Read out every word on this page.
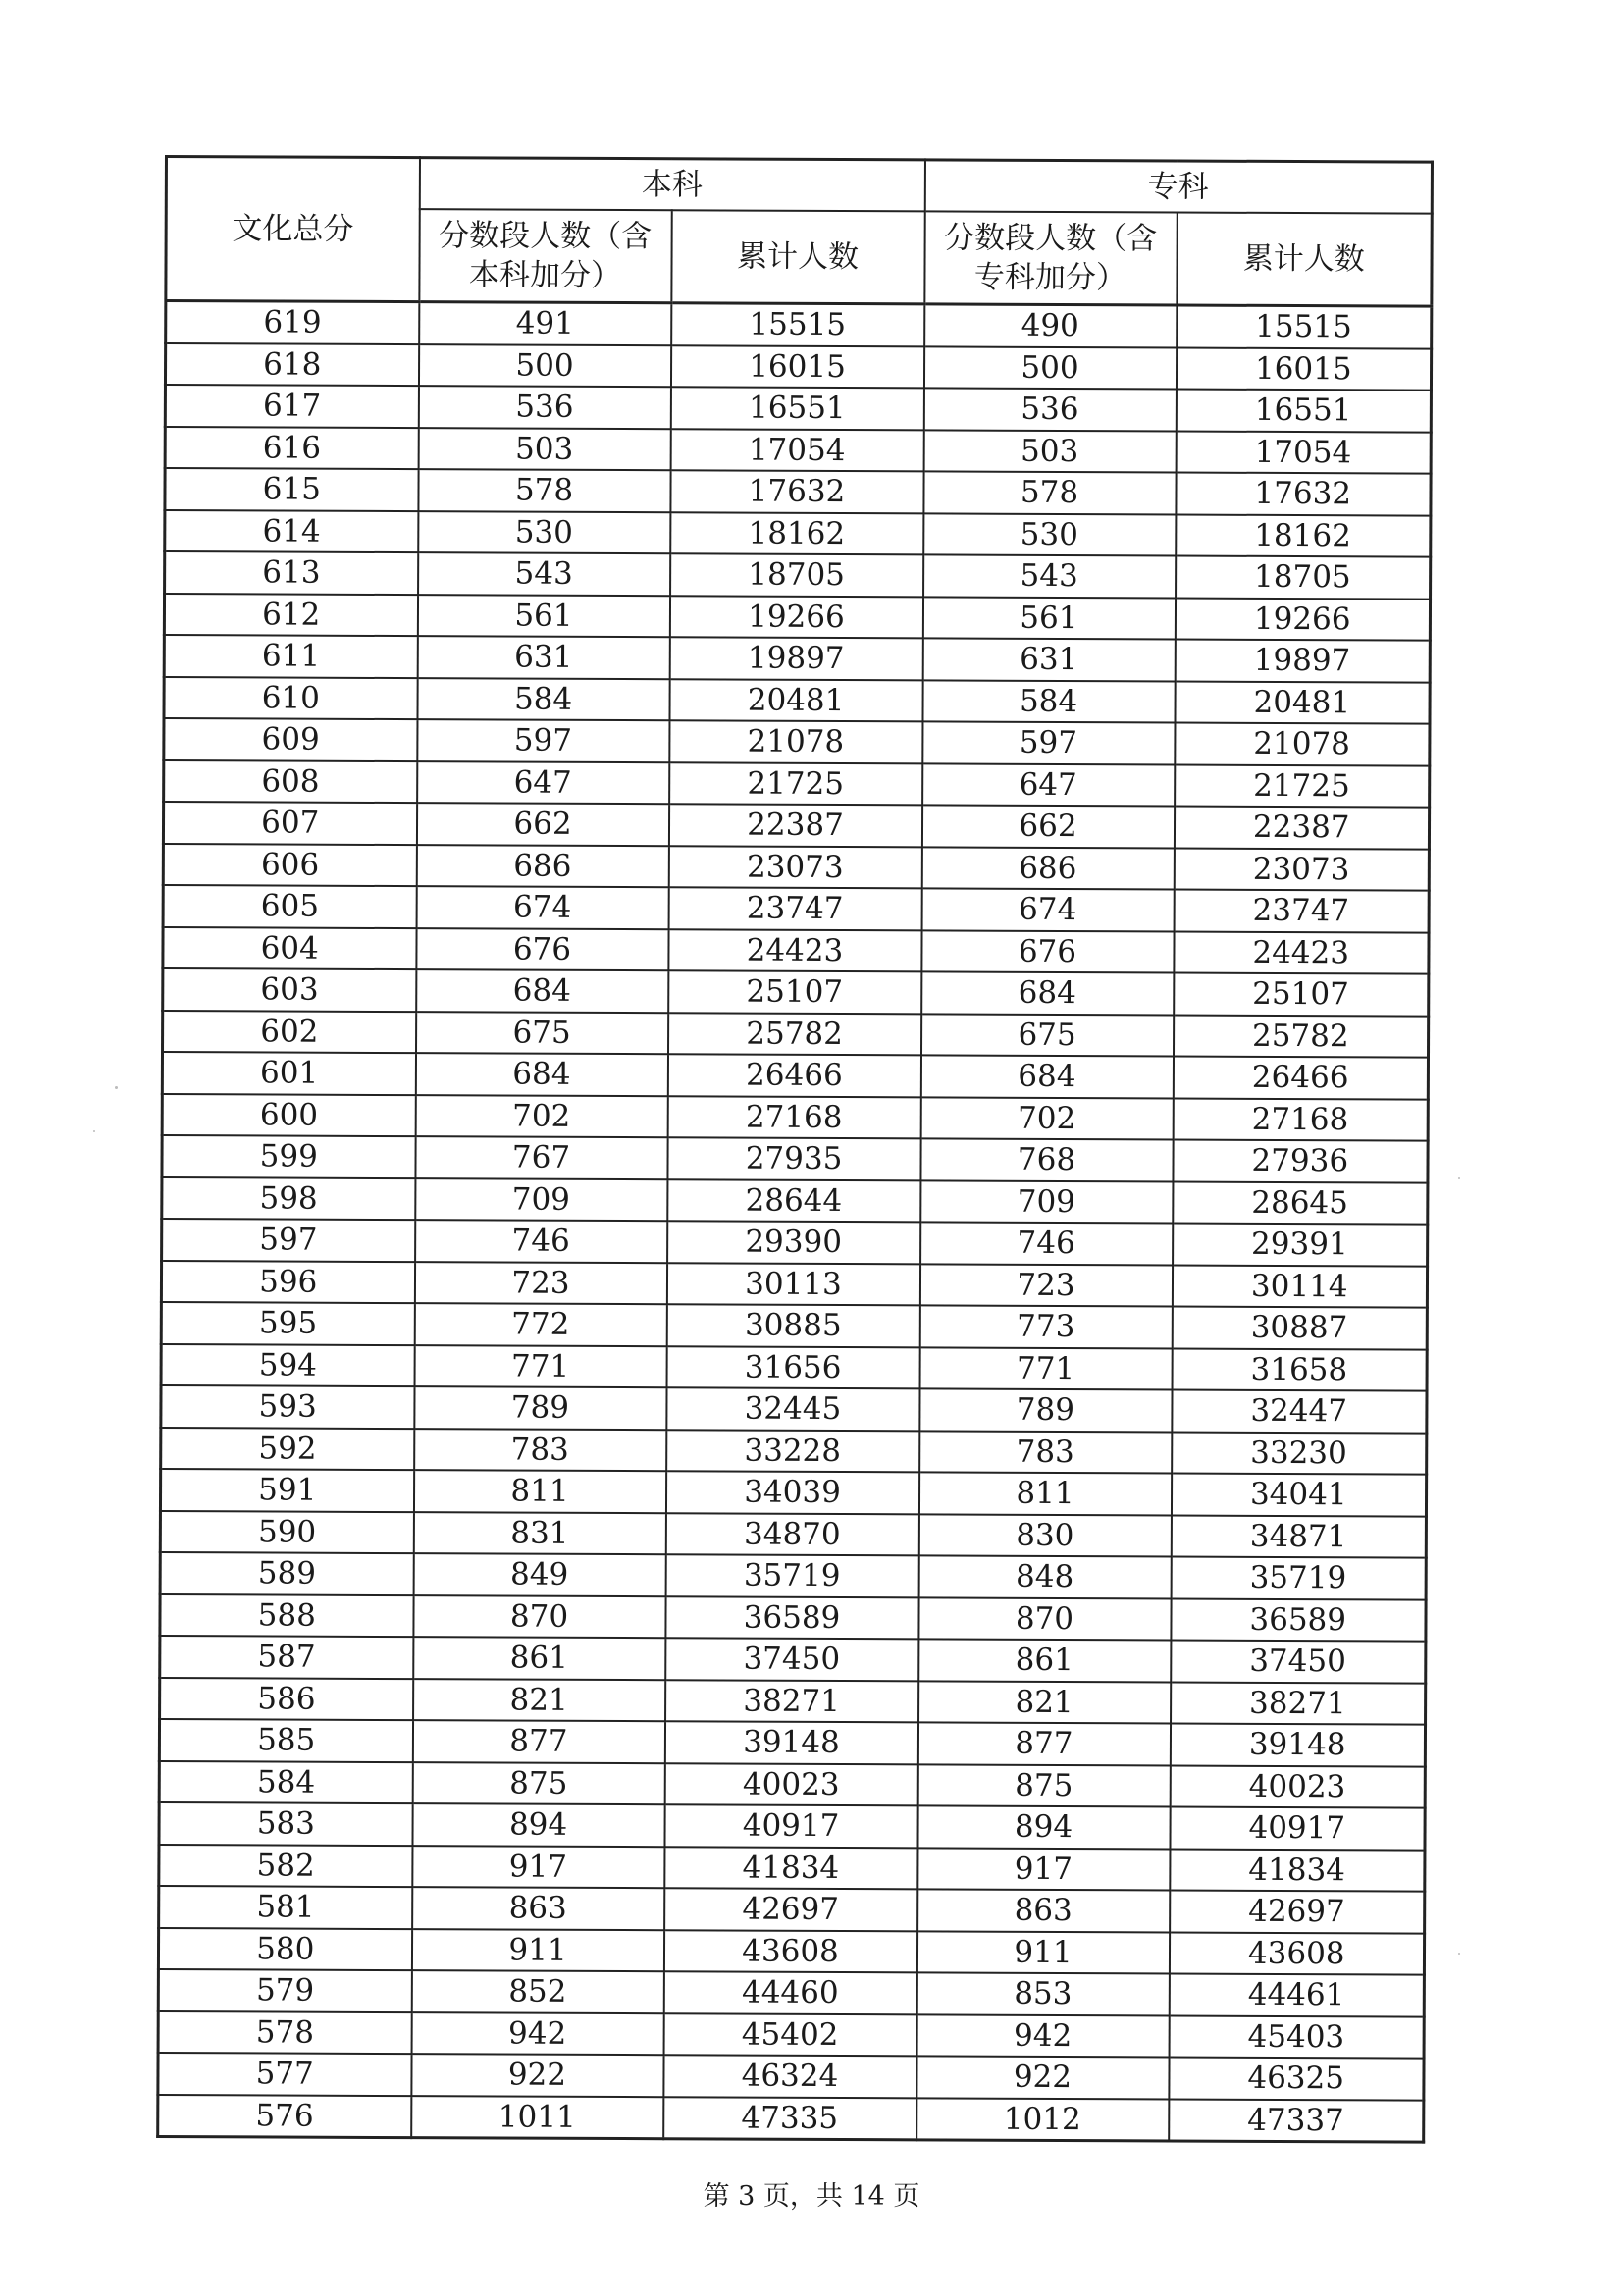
文化总分	本科		专科	
	分数段人数（含本科加分）	累计人数	分数段人数（含专科加分）	累计人数
619	491	15515	490	15515
618	500	16015	500	16015
617	536	16551	536	16551
616	503	17054	503	17054
615	578	17632	578	17632
614	530	18162	530	18162
613	543	18705	543	18705
612	561	19266	561	19266
611	631	19897	631	19897
610	584	20481	584	20481
609	597	21078	597	21078
608	647	21725	647	21725
607	662	22387	662	22387
606	686	23073	686	23073
605	674	23747	674	23747
604	676	24423	676	24423
603	684	25107	684	25107
602	675	25782	675	25782
601	684	26466	684	26466
600	702	27168	702	27168
599	767	27935	768	27936
598	709	28644	709	28645
597	746	29390	746	29391
596	723	30113	723	30114
595	772	30885	773	30887
594	771	31656	771	31658
593	789	32445	789	32447
592	783	33228	783	33230
591	811	34039	811	34041
590	831	34870	830	34871
589	849	35719	848	35719
588	870	36589	870	36589
587	861	37450	861	37450
586	821	38271	821	38271
585	877	39148	877	39148
584	875	40023	875	40023
583	894	40917	894	40917
582	917	41834	917	41834
581	863	42697	863	42697
580	911	43608	911	43608
579	852	44460	853	44461
578	942	45402	942	45403
577	922	46324	922	46325
576	1011	47335	1012	47337
第 3 页，共 14 页
